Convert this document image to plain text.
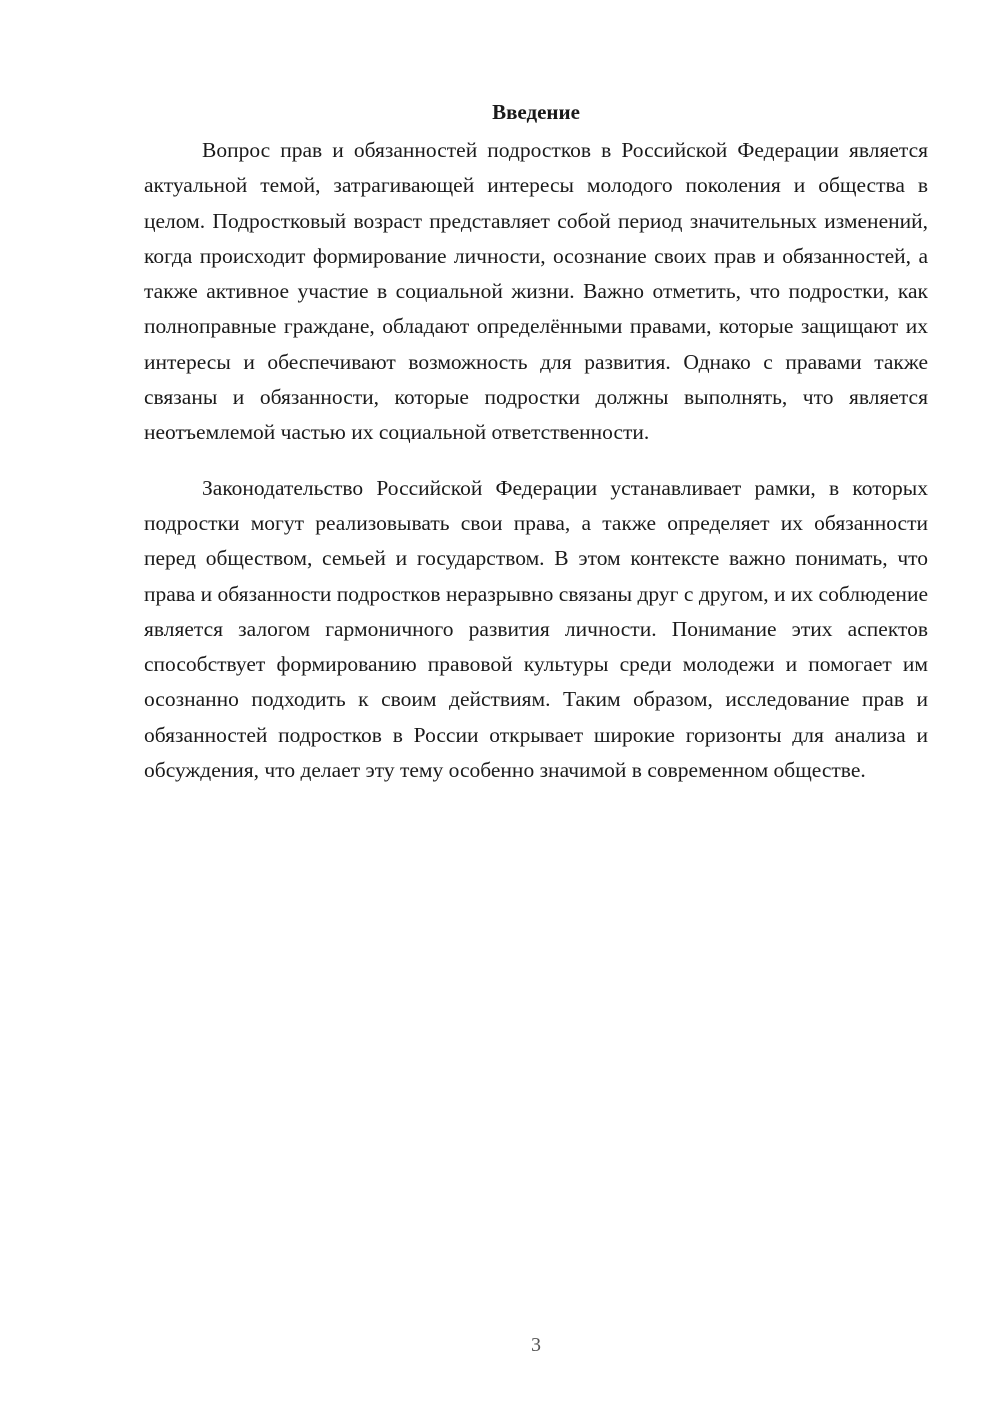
Введение

Вопрос прав и обязанностей подростков в Российской Федерации является актуальной темой, затрагивающей интересы молодого поколения и общества в целом. Подростковый возраст представляет собой период значительных изменений, когда происходит формирование личности, осознание своих прав и обязанностей, а также активное участие в социальной жизни. Важно отметить, что подростки, как полноправные граждане, обладают определёнными правами, которые защищают их интересы и обеспечивают возможность для развития. Однако с правами также связаны и обязанности, которые подростки должны выполнять, что является неотъемлемой частью их социальной ответственности.

Законодательство Российской Федерации устанавливает рамки, в которых подростки могут реализовывать свои права, а также определяет их обязанности перед обществом, семьей и государством. В этом контексте важно понимать, что права и обязанности подростков неразрывно связаны друг с другом, и их соблюдение является залогом гармоничного развития личности. Понимание этих аспектов способствует формированию правовой культуры среди молодежи и помогает им осознанно подходить к своим действиям. Таким образом, исследование прав и обязанностей подростков в России открывает широкие горизонты для анализа и обсуждения, что делает эту тему особенно значимой в современном обществе.

3
